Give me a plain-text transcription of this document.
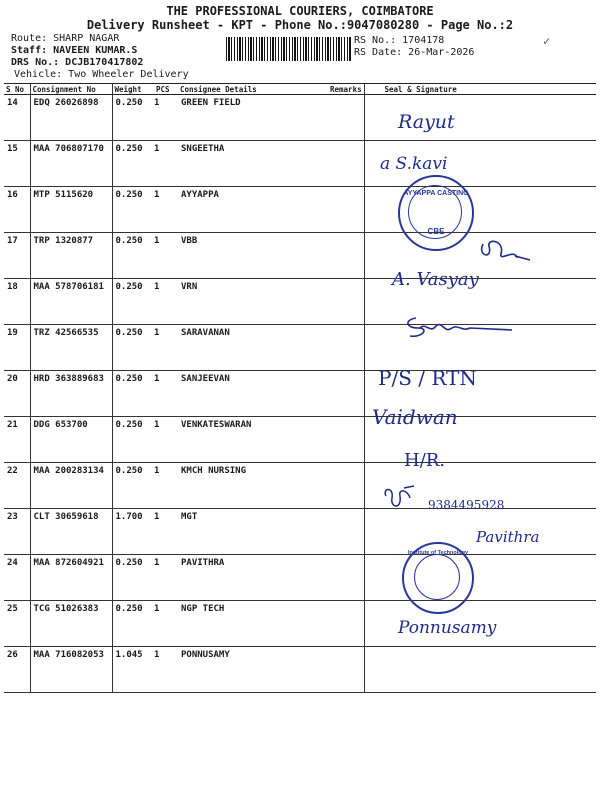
THE PROFESSIONAL COURIERS, COIMBATORE
Delivery Runsheet - KPT - Phone No.:9047080280 - Page No.:2
Route: SHARP NAGAR
Staff: NAVEEN KUMAR.S
DRS No.: DCJB170417802
Vehicle: Two Wheeler Delivery
RS No.: 1704178
RS Date: 26-Mar-2026
✓
S No	Consignment No	Weight	PCS	Consignee Details	Remarks	Seal & Signature
14	EDQ 26026898	0.250	1	GREEN FIELD		
15	MAA 706807170	0.250	1	SNGEETHA		
16	MTP 5115620	0.250	1	AYYAPPA		
17	TRP 1320877	0.250	1	VBB		
18	MAA 578706181	0.250	1	VRN		
19	TRZ 42566535	0.250	1	SARAVANAN		
20	HRD 363889683	0.250	1	SANJEEVAN		
21	DDG 653700	0.250	1	VENKATESWARAN		
22	MAA 200283134	0.250	1	KMCH NURSING		
23	CLT 30659618	1.700	1	MGT		
24	MAA 872604921	0.250	1	PAVITHRA		
25	TCG 51026383	0.250	1	NGP TECH		
26	MAA 716082053	1.045	1	PONNUSAMY		
Rayut
a S.kavi
AYYAPPA CASTING
CBE
A. Vasyay
P/S / RTN
Vaidwan
H/R.
9384495928
Pavithra
Institute of Technology
Ponnusamy
